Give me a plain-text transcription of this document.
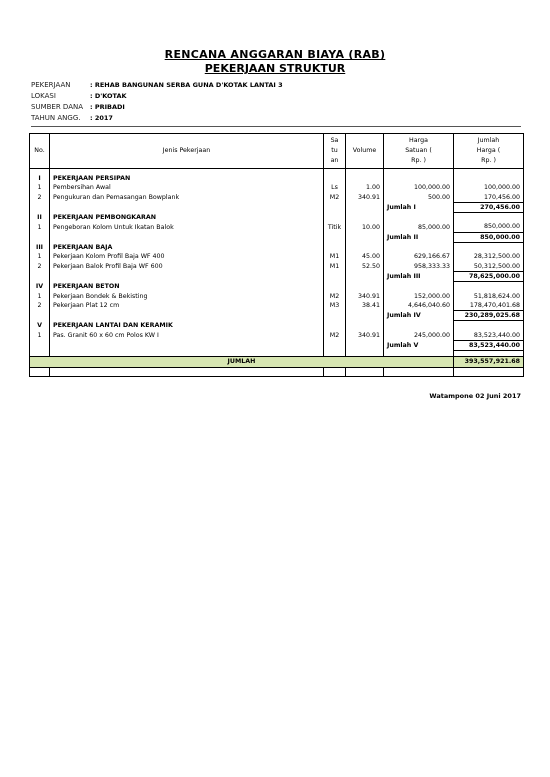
RENCANA ANGGARAN BIAYA (RAB)
PEKERJAAN STRUKTUR
PEKERJAAN	: REHAB BANGUNAN SERBA GUNA D'KOTAK LANTAI 3
LOKASI	: D'KOTAK
SUMBER DANA : PRIBADI
TAHUN ANGG. : 2017
No.	Jenis Pekerjaan	Sa tu an	Volume	Harga Satuan ( Rp. )	Jumlah Harga ( Rp. )

I	PEKERJAAN PERSIPAN				
1	Pembersihan Awal	Ls	1.00	100,000.00	100,000.00
2	Pengukuran dan Pemasangan Bowplank	M2	340.91	500.00	170,456.00
				Jumlah I	270,456.00
II	PEKERJAAN PEMBONGKARAN				
1	Pengeboran Kolom Untuk Ikatan Balok	Titik	10.00	85,000.00	850,000.00
				Jumlah II	850,000.00
III	PEKERJAAN BAJA				
1	Pekerjaan Kolom Profil Baja WF 400	M1	45.00	629,166.67	28,312,500.00
2	Pekerjaan Balok Profil Baja WF 600	M1	52.50	958,333.33	50,312,500.00
				Jumlah III	78,625,000.00
IV	PEKERJAAN BETON				
1	Pekerjaan Bondek & Bekisting	M2	340.91	152,000.00	51,818,624.00
2	Pekerjaan Plat 12 cm	M3	38.41	4,646,040.60	178,470,401.68
				Jumlah IV	230,289,025.68
V	PEKERJAAN LANTAI DAN KERAMIK				
1	Pas. Granit 60 x 60 cm Polos KW I	M2	340.91	245,000.00	83,523,440.00
				Jumlah V	83,523,440.00

JUMLAH					393,557,921.68

Watampone 02 Juni 2017
